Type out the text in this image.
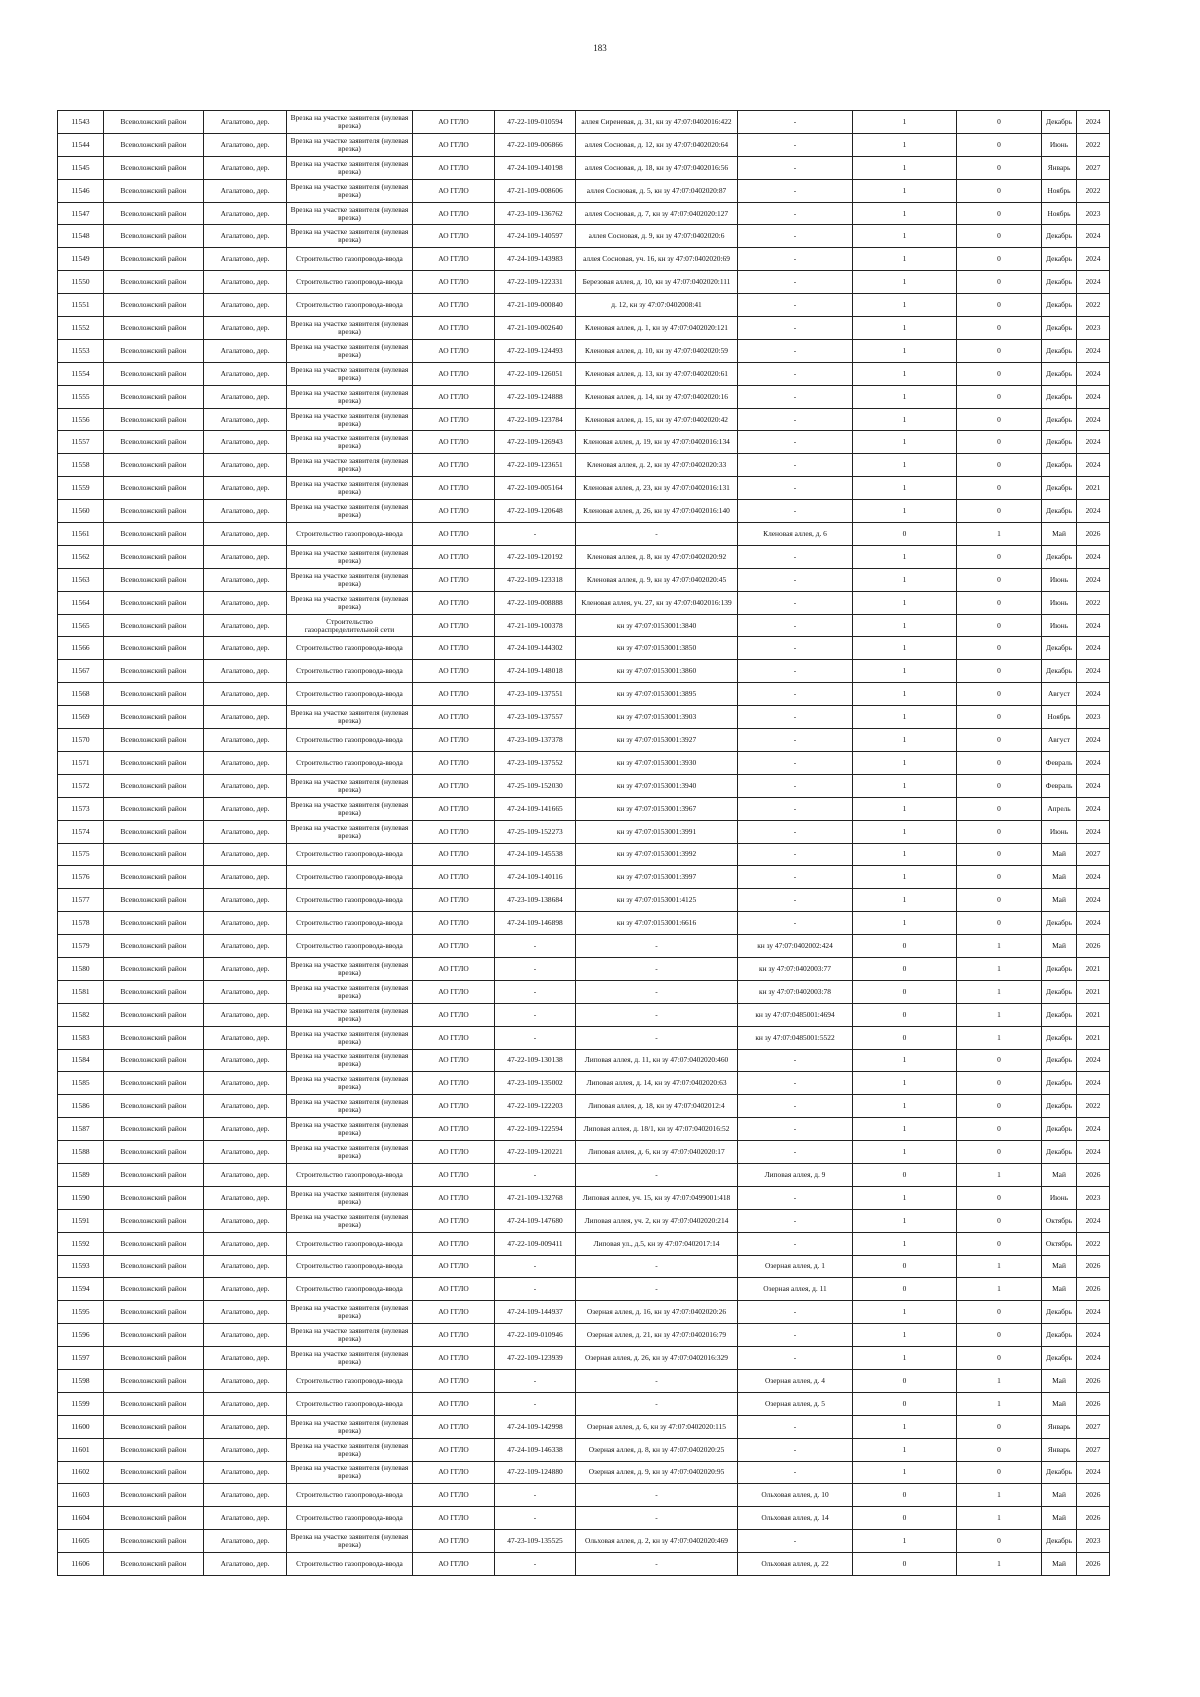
183
11543	Всеволожский район	Агалатово, дер.	Врезка на участке заявителя (нулевая врезка)	АО ГГЛО	47-22-109-010594	аллея Сиреневая, д. 31, кн зу 47:07:0402016:422	-	1	0	Декабрь	2024
11544	Всеволожский район	Агалатово, дер.	Врезка на участке заявителя (нулевая врезка)	АО ГГЛО	47-22-109-006866	аллея Сосновая, д. 12, кн зу 47:07:0402020:64	-	1	0	Июнь	2022
11545	Всеволожский район	Агалатово, дер.	Врезка на участке заявителя (нулевая врезка)	АО ГГЛО	47-24-109-140198	аллея Сосновая, д. 18, кн зу 47:07:0402016:56	-	1	0	Январь	2027
11546	Всеволожский район	Агалатово, дер.	Врезка на участке заявителя (нулевая врезка)	АО ГГЛО	47-21-109-008606	аллея Сосновая, д. 5, кн зу 47:07:0402020:87	-	1	0	Ноябрь	2022
11547	Всеволожский район	Агалатово, дер.	Врезка на участке заявителя (нулевая врезка)	АО ГГЛО	47-23-109-136762	аллея Сосновая, д. 7, кн зу 47:07:0402020:127	-	1	0	Ноябрь	2023
11548	Всеволожский район	Агалатово, дер.	Врезка на участке заявителя (нулевая врезка)	АО ГГЛО	47-24-109-140597	аллея Сосновая, д. 9, кн зу 47:07:0402020:6	-	1	0	Декабрь	2024
11549	Всеволожский район	Агалатово, дер.	Строительство газопровода-ввода	АО ГГЛО	47-24-109-143983	аллея Сосновая, уч. 16, кн зу 47:07:0402020:69	-	1	0	Декабрь	2024
11550	Всеволожский район	Агалатово, дер.	Строительство газопровода-ввода	АО ГГЛО	47-22-109-122331	Березовая аллея, д. 10, кн зу 47:07:0402020:111	-	1	0	Декабрь	2024
11551	Всеволожский район	Агалатово, дер.	Строительство газопровода-ввода	АО ГГЛО	47-21-109-000840	д. 12, кн зу 47:07:0402008:41	-	1	0	Декабрь	2022
11552	Всеволожский район	Агалатово, дер.	Врезка на участке заявителя (нулевая врезка)	АО ГГЛО	47-21-109-002640	Кленовая аллея, д. 1, кн зу 47:07:0402020:121	-	1	0	Декабрь	2023
11553	Всеволожский район	Агалатово, дер.	Врезка на участке заявителя (нулевая врезка)	АО ГГЛО	47-22-109-124493	Кленовая аллея, д. 10, кн зу 47:07:0402020:59	-	1	0	Декабрь	2024
11554	Всеволожский район	Агалатово, дер.	Врезка на участке заявителя (нулевая врезка)	АО ГГЛО	47-22-109-126051	Кленовая аллея, д. 13, кн зу 47:07:0402020:61	-	1	0	Декабрь	2024
11555	Всеволожский район	Агалатово, дер.	Врезка на участке заявителя (нулевая врезка)	АО ГГЛО	47-22-109-124888	Кленовая аллея, д. 14, кн зу 47:07:0402020:16	-	1	0	Декабрь	2024
11556	Всеволожский район	Агалатово, дер.	Врезка на участке заявителя (нулевая врезка)	АО ГГЛО	47-22-109-123784	Кленовая аллея, д. 15, кн зу 47:07:0402020:42	-	1	0	Декабрь	2024
11557	Всеволожский район	Агалатово, дер.	Врезка на участке заявителя (нулевая врезка)	АО ГГЛО	47-22-109-126943	Кленовая аллея, д. 19, кн зу 47:07:0402016:134	-	1	0	Декабрь	2024
11558	Всеволожский район	Агалатово, дер.	Врезка на участке заявителя (нулевая врезка)	АО ГГЛО	47-22-109-123651	Кленовая аллея, д. 2, кн зу 47:07:0402020:33	-	1	0	Декабрь	2024
11559	Всеволожский район	Агалатово, дер.	Врезка на участке заявителя (нулевая врезка)	АО ГГЛО	47-22-109-005164	Кленовая аллея, д. 23, кн зу 47:07:0402016:131	-	1	0	Декабрь	2021
11560	Всеволожский район	Агалатово, дер.	Врезка на участке заявителя (нулевая врезка)	АО ГГЛО	47-22-109-120648	Кленовая аллея, д. 26, кн зу 47:07:0402016:140	-	1	0	Декабрь	2024
11561	Всеволожский район	Агалатово, дер.	Строительство газопровода-ввода	АО ГГЛО	-	-	Кленовая аллея, д. 6	0	1	Май	2026
11562	Всеволожский район	Агалатово, дер.	Врезка на участке заявителя (нулевая врезка)	АО ГГЛО	47-22-109-120192	Кленовая аллея, д. 8, кн зу 47:07:0402020:92	-	1	0	Декабрь	2024
11563	Всеволожский район	Агалатово, дер.	Врезка на участке заявителя (нулевая врезка)	АО ГГЛО	47-22-109-123318	Кленовая аллея, д. 9, кн зу 47:07:0402020:45	-	1	0	Июнь	2024
11564	Всеволожский район	Агалатово, дер.	Врезка на участке заявителя (нулевая врезка)	АО ГГЛО	47-22-109-008888	Кленовая аллея, уч. 27, кн зу 47:07:0402016:139	-	1	0	Июнь	2022
11565	Всеволожский район	Агалатово, дер.	Строительство газораспределительной сети	АО ГГЛО	47-21-109-100378	кн зу 47:07:0153001:3840	-	1	0	Июнь	2024
11566	Всеволожский район	Агалатово, дер.	Строительство газопровода-ввода	АО ГГЛО	47-24-109-144302	кн зу 47:07:0153001:3850	-	1	0	Декабрь	2024
11567	Всеволожский район	Агалатово, дер.	Строительство газопровода-ввода	АО ГГЛО	47-24-109-148018	кн зу 47:07:0153001:3860	-	1	0	Декабрь	2024
11568	Всеволожский район	Агалатово, дер.	Строительство газопровода-ввода	АО ГГЛО	47-23-109-137551	кн зу 47:07:0153001:3895	-	1	0	Август	2024
11569	Всеволожский район	Агалатово, дер.	Врезка на участке заявителя (нулевая врезка)	АО ГГЛО	47-23-109-137557	кн зу 47:07:0153001:3903	-	1	0	Ноябрь	2023
11570	Всеволожский район	Агалатово, дер.	Строительство газопровода-ввода	АО ГГЛО	47-23-109-137378	кн зу 47:07:0153001:3927	-	1	0	Август	2024
11571	Всеволожский район	Агалатово, дер.	Строительство газопровода-ввода	АО ГГЛО	47-23-109-137552	кн зу 47:07:0153001:3930	-	1	0	Февраль	2024
11572	Всеволожский район	Агалатово, дер.	Врезка на участке заявителя (нулевая врезка)	АО ГГЛО	47-25-109-152030	кн зу 47:07:0153001:3940	-	1	0	Февраль	2024
11573	Всеволожский район	Агалатово, дер.	Врезка на участке заявителя (нулевая врезка)	АО ГГЛО	47-24-109-141665	кн зу 47:07:0153001:3967	-	1	0	Апрель	2024
11574	Всеволожский район	Агалатово, дер.	Врезка на участке заявителя (нулевая врезка)	АО ГГЛО	47-25-109-152273	кн зу 47:07:0153001:3991	-	1	0	Июнь	2024
11575	Всеволожский район	Агалатово, дер.	Строительство газопровода-ввода	АО ГГЛО	47-24-109-145538	кн зу 47:07:0153001:3992	-	1	0	Май	2027
11576	Всеволожский район	Агалатово, дер.	Строительство газопровода-ввода	АО ГГЛО	47-24-109-140116	кн зу 47:07:0153001:3997	-	1	0	Май	2024
11577	Всеволожский район	Агалатово, дер.	Строительство газопровода-ввода	АО ГГЛО	47-23-109-138684	кн зу 47:07:0153001:4125	-	1	0	Май	2024
11578	Всеволожский район	Агалатово, дер.	Строительство газопровода-ввода	АО ГГЛО	47-24-109-146898	кн зу 47:07:0153001:6616	-	1	0	Декабрь	2024
11579	Всеволожский район	Агалатово, дер.	Строительство газопровода-ввода	АО ГГЛО	-	-	кн зу 47:07:0402002:424	0	1	Май	2026
11580	Всеволожский район	Агалатово, дер.	Врезка на участке заявителя (нулевая врезка)	АО ГГЛО	-	-	кн зу 47:07:0402003:77	0	1	Декабрь	2021
11581	Всеволожский район	Агалатово, дер.	Врезка на участке заявителя (нулевая врезка)	АО ГГЛО	-	-	кн зу 47:07:0402003:78	0	1	Декабрь	2021
11582	Всеволожский район	Агалатово, дер.	Врезка на участке заявителя (нулевая врезка)	АО ГГЛО	-	-	кн зу 47:07:0485001:4694	0	1	Декабрь	2021
11583	Всеволожский район	Агалатово, дер.	Врезка на участке заявителя (нулевая врезка)	АО ГГЛО	-	-	кн зу 47:07:0485001:5522	0	1	Декабрь	2021
11584	Всеволожский район	Агалатово, дер.	Врезка на участке заявителя (нулевая врезка)	АО ГГЛО	47-22-109-130138	Липовая аллея, д. 11, кн зу 47:07:0402020:460	-	1	0	Декабрь	2024
11585	Всеволожский район	Агалатово, дер.	Врезка на участке заявителя (нулевая врезка)	АО ГГЛО	47-23-109-135002	Липовая аллея, д. 14, кн зу 47:07:0402020:63	-	1	0	Декабрь	2024
11586	Всеволожский район	Агалатово, дер.	Врезка на участке заявителя (нулевая врезка)	АО ГГЛО	47-22-109-122203	Липовая аллея, д. 18, кн зу 47:07:0402012:4	-	1	0	Декабрь	2022
11587	Всеволожский район	Агалатово, дер.	Врезка на участке заявителя (нулевая врезка)	АО ГГЛО	47-22-109-122594	Липовая аллея, д. 18/1, кн зу 47:07:0402016:52	-	1	0	Декабрь	2024
11588	Всеволожский район	Агалатово, дер.	Врезка на участке заявителя (нулевая врезка)	АО ГГЛО	47-22-109-120221	Липовая аллея, д. 6, кн зу 47:07:0402020:17	-	1	0	Декабрь	2024
11589	Всеволожский район	Агалатово, дер.	Строительство газопровода-ввода	АО ГГЛО	-	-	Липовая аллея, д. 9	0	1	Май	2026
11590	Всеволожский район	Агалатово, дер.	Врезка на участке заявителя (нулевая врезка)	АО ГГЛО	47-21-109-132768	Липовая аллея, уч. 15, кн зу 47:07:0499001:418	-	1	0	Июнь	2023
11591	Всеволожский район	Агалатово, дер.	Врезка на участке заявителя (нулевая врезка)	АО ГГЛО	47-24-109-147680	Липовая аллея, уч. 2, кн зу 47:07:0402020:214	-	1	0	Октябрь	2024
11592	Всеволожский район	Агалатово, дер.	Строительство газопровода-ввода	АО ГГЛО	47-22-109-009411	Липовая ул., д.5, кн зу 47:07:0402017:14	-	1	0	Октябрь	2022
11593	Всеволожский район	Агалатово, дер.	Строительство газопровода-ввода	АО ГГЛО	-	-	Озерная аллея, д. 1	0	1	Май	2026
11594	Всеволожский район	Агалатово, дер.	Строительство газопровода-ввода	АО ГГЛО	-	-	Озерная аллея, д. 11	0	1	Май	2026
11595	Всеволожский район	Агалатово, дер.	Врезка на участке заявителя (нулевая врезка)	АО ГГЛО	47-24-109-144937	Озерная аллея, д. 16, кн зу 47:07:0402020:26	-	1	0	Декабрь	2024
11596	Всеволожский район	Агалатово, дер.	Врезка на участке заявителя (нулевая врезка)	АО ГГЛО	47-22-109-010946	Озерная аллея, д. 21, кн зу 47:07:0402016:79	-	1	0	Декабрь	2024
11597	Всеволожский район	Агалатово, дер.	Врезка на участке заявителя (нулевая врезка)	АО ГГЛО	47-22-109-123939	Озерная аллея, д. 26, кн зу 47:07:0402016:329	-	1	0	Декабрь	2024
11598	Всеволожский район	Агалатово, дер.	Строительство газопровода-ввода	АО ГГЛО	-	-	Озерная аллея, д. 4	0	1	Май	2026
11599	Всеволожский район	Агалатово, дер.	Строительство газопровода-ввода	АО ГГЛО	-	-	Озерная аллея, д. 5	0	1	Май	2026
11600	Всеволожский район	Агалатово, дер.	Врезка на участке заявителя (нулевая врезка)	АО ГГЛО	47-24-109-142998	Озерная аллея, д. 6, кн зу 47:07:0402020:115	-	1	0	Январь	2027
11601	Всеволожский район	Агалатово, дер.	Врезка на участке заявителя (нулевая врезка)	АО ГГЛО	47-24-109-146338	Озерная аллея, д. 8, кн зу 47:07:0402020:25	-	1	0	Январь	2027
11602	Всеволожский район	Агалатово, дер.	Врезка на участке заявителя (нулевая врезка)	АО ГГЛО	47-22-109-124880	Озерная аллея, д. 9, кн зу 47:07:0402020:95	-	1	0	Декабрь	2024
11603	Всеволожский район	Агалатово, дер.	Строительство газопровода-ввода	АО ГГЛО	-	-	Ольховая аллея, д. 10	0	1	Май	2026
11604	Всеволожский район	Агалатово, дер.	Строительство газопровода-ввода	АО ГГЛО	-	-	Ольховая аллея, д. 14	0	1	Май	2026
11605	Всеволожский район	Агалатово, дер.	Врезка на участке заявителя (нулевая врезка)	АО ГГЛО	47-23-109-135525	Ольховая аллея, д. 2, кн зу 47:07:0402020:469	-	1	0	Декабрь	2023
11606	Всеволожский район	Агалатово, дер.	Строительство газопровода-ввода	АО ГГЛО	-	-	Ольховая аллея, д. 22	0	1	Май	2026
